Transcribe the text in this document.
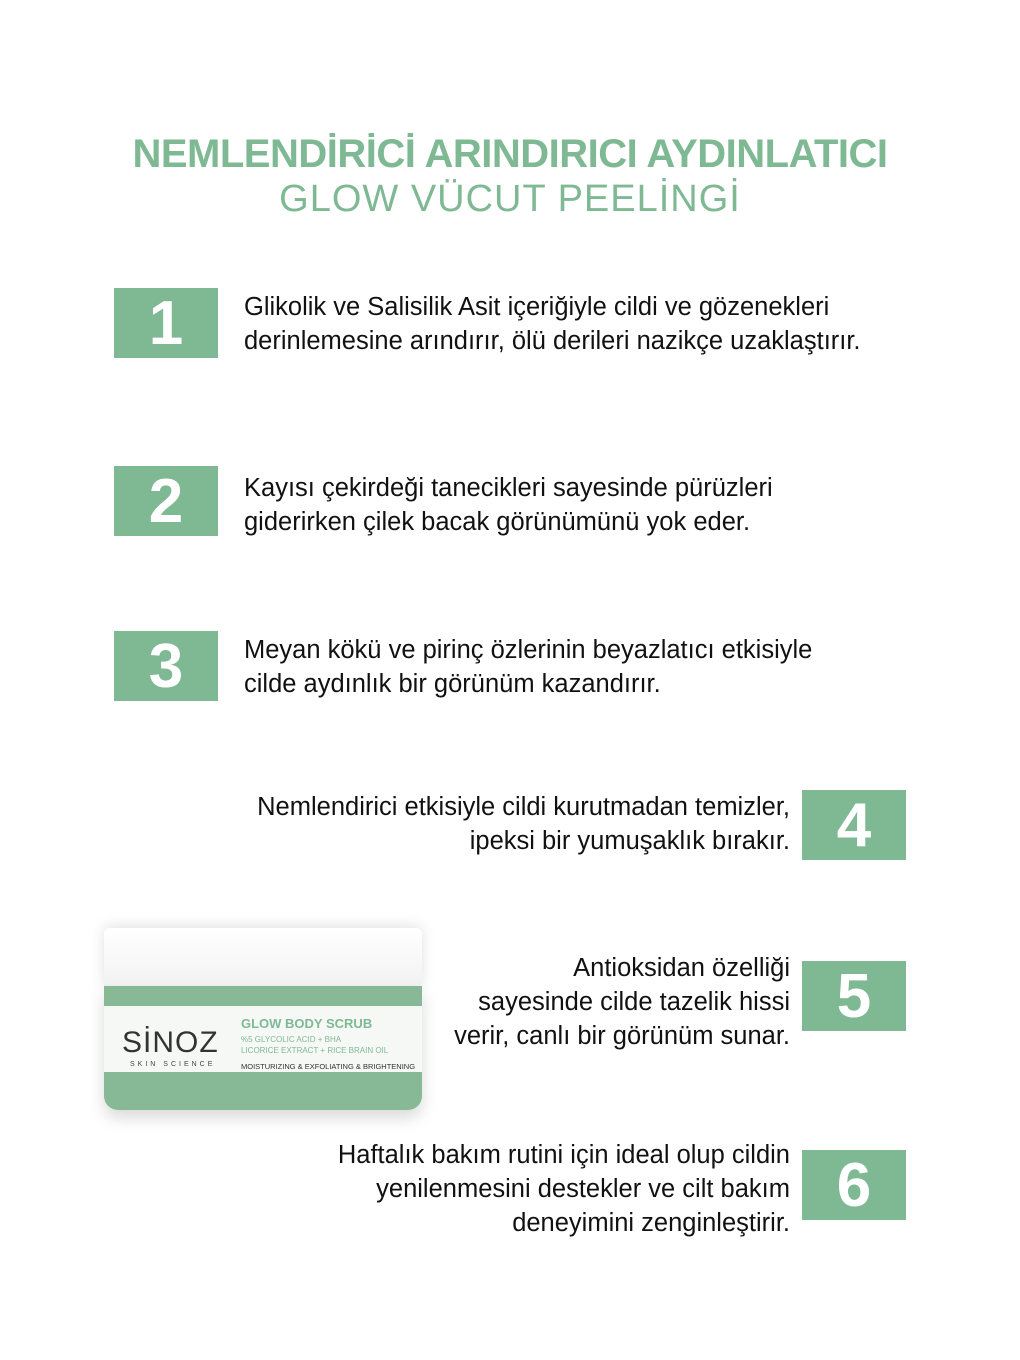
NEMLENDİRİCİ ARINDIRICI AYDINLATICI
GLOW VÜCUT PEELİNGİ
1	Glikolik ve Salisilik Asit içeriğiyle cildi ve gözenekleri
derinlemesine arındırır, ölü derileri nazikçe uzaklaştırır.
2	Kayısı çekirdeği tanecikleri sayesinde pürüzleri
giderirken çilek bacak görünümünü yok eder.
3	Meyan kökü ve pirinç özlerinin beyazlatıcı etkisiyle
cilde aydınlık bir görünüm kazandırır.
4
Nemlendirici etkisiyle cildi kurutmadan temizler,
ipeksi bir yumuşaklık bırakır.
5
Antioksidan özelliği
sayesinde cilde tazelik hissi
verir, canlı bir görünüm sunar.
6
Haftalık bakım rutini için ideal olup cildin
yenilenmesini destekler ve cilt bakım
deneyimini zenginleştirir.
SİNOZ
SKIN SCIENCE
GLOW BODY SCRUB
%5 GLYCOLIC ACID + BHA
LICORICE EXTRACT + RICE BRAIN OIL
MOISTURIZING & EXFOLIATING & BRIGHTENING
